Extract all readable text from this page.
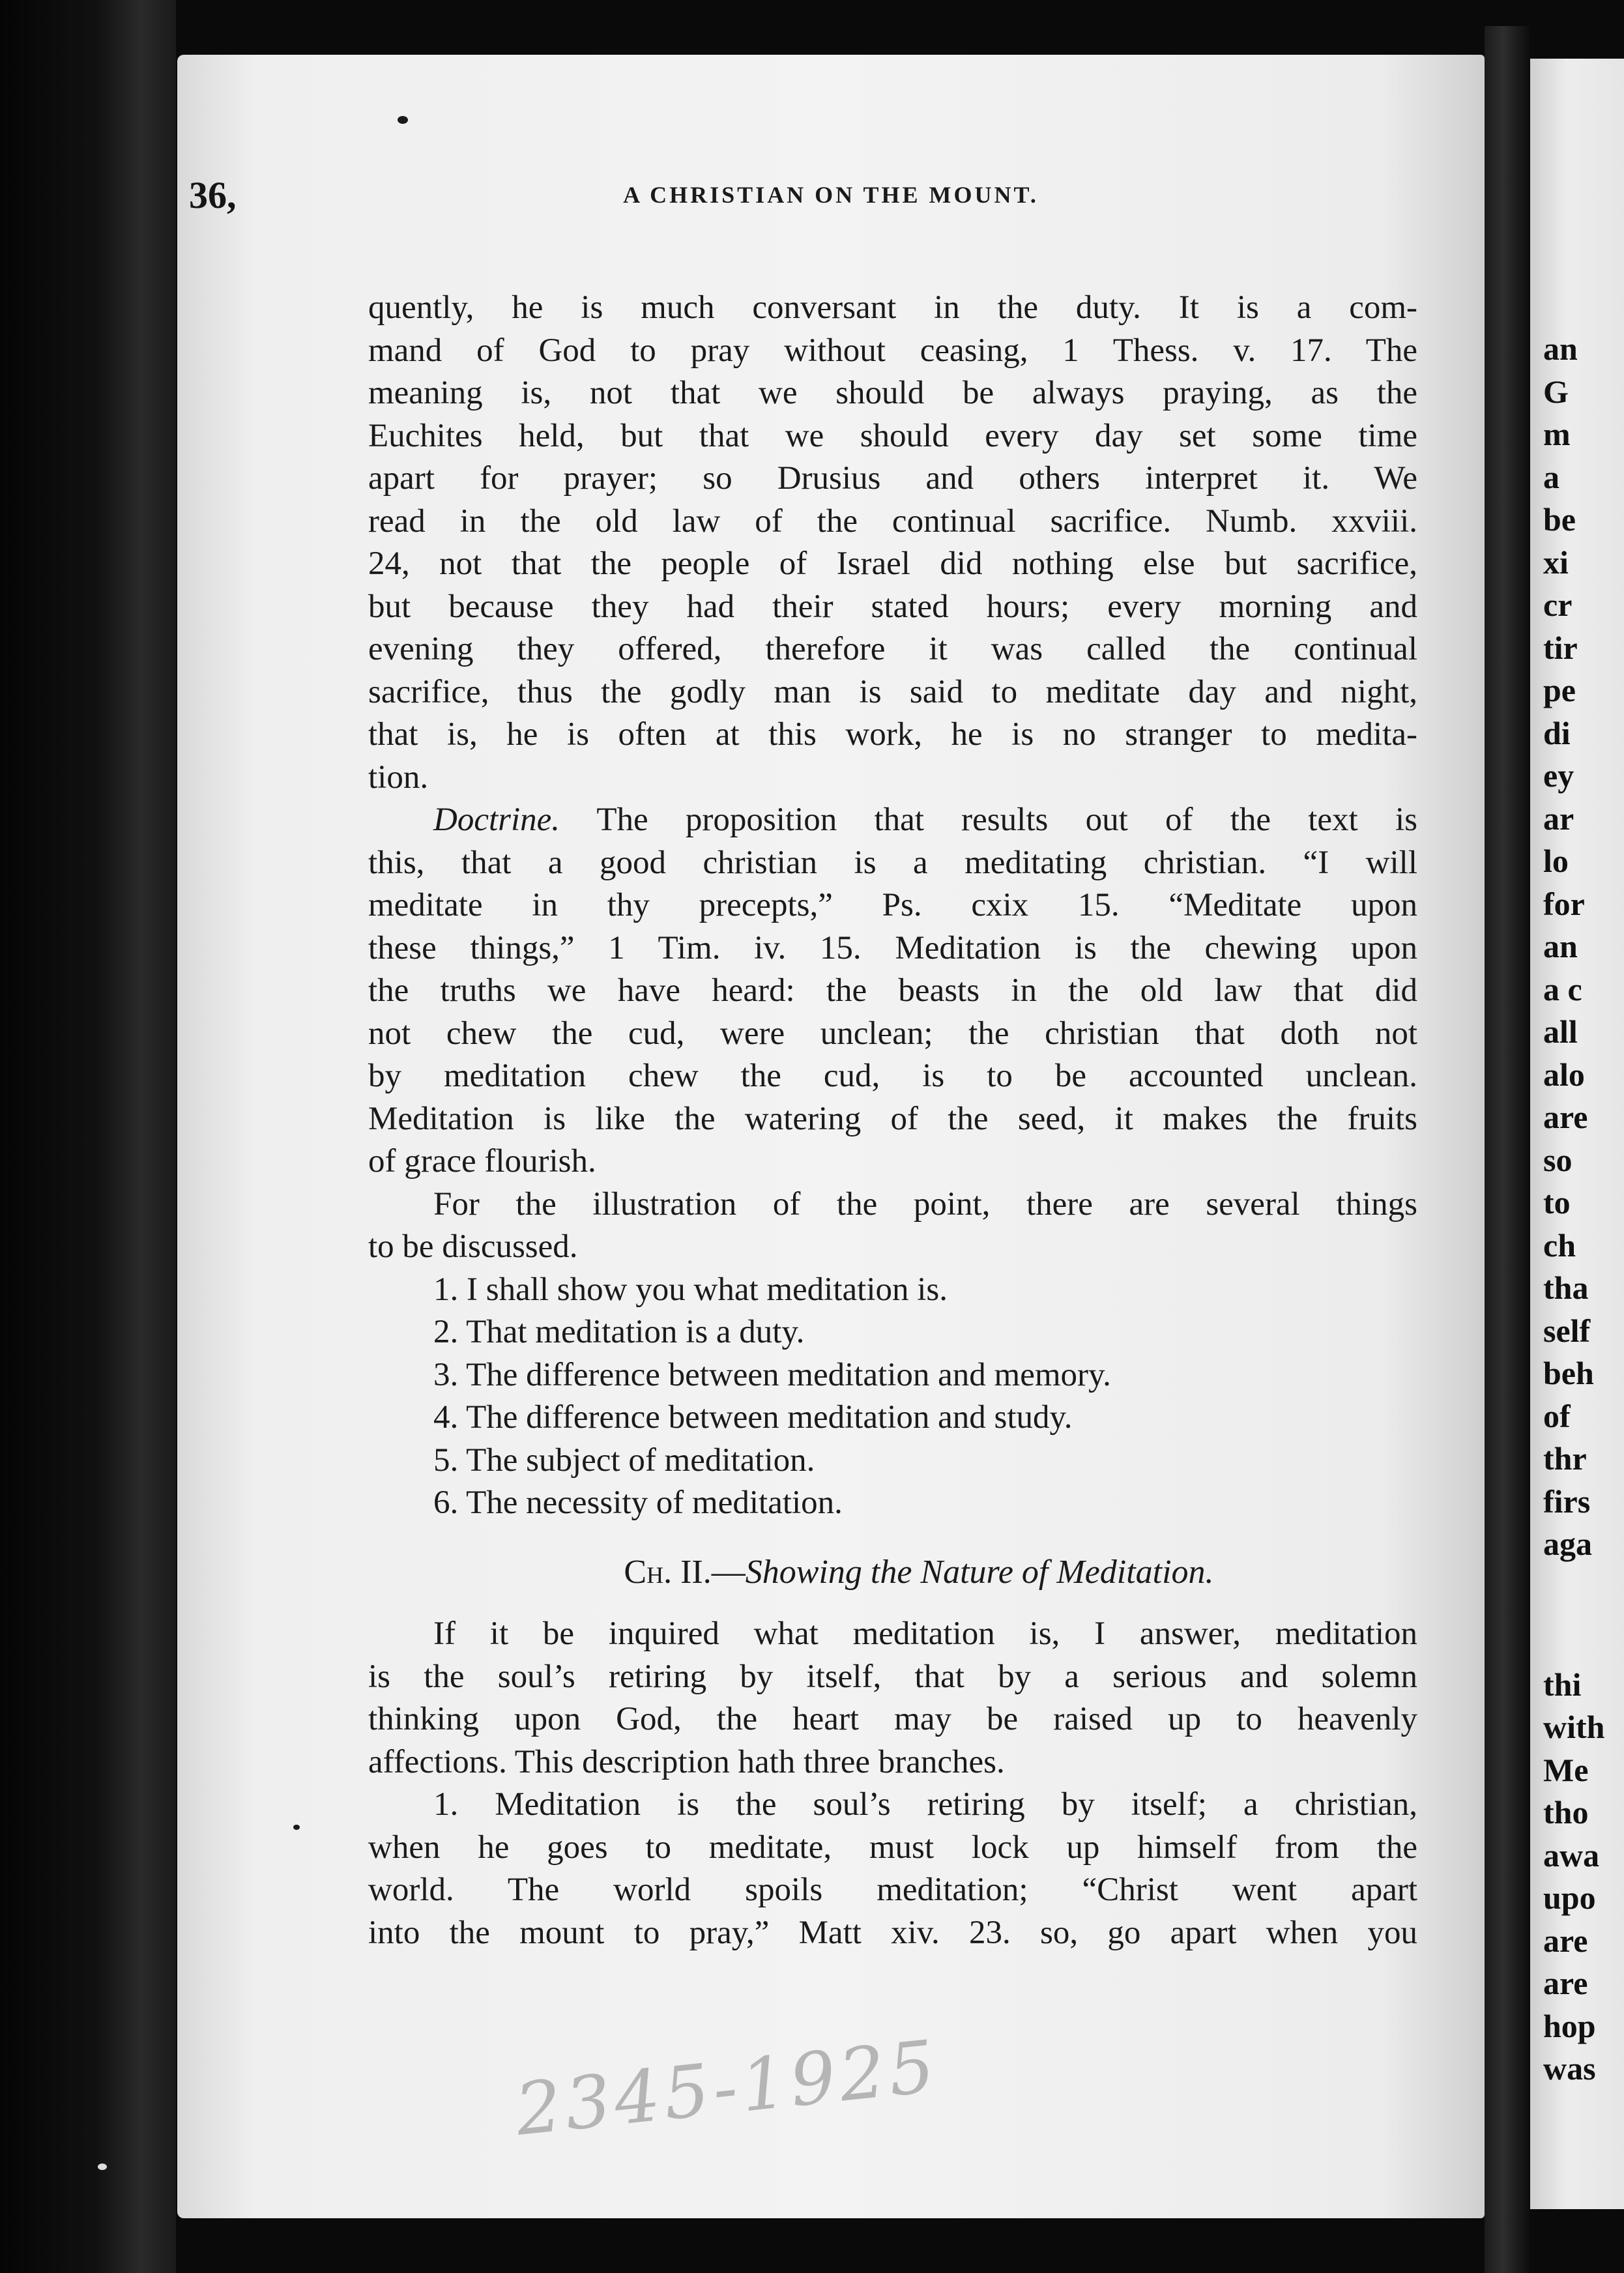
an
G
m
a
be
xi
cr
tir
pe
di
ey
ar
lo
for
an
a c
all
alo
are
so
to
ch
tha
self
beh
of
thr
firs
aga
thi
with
Me
tho
awa
upo
are
are
hop
was
36,	A CHRISTIAN ON THE MOUNT.
quently, he is much conversant in the duty. It is a com-
mand of God to pray without ceasing, 1 Thess. v. 17. The
meaning is, not that we should be always praying, as the
Euchites held, but that we should every day set some time
apart for prayer; so Drusius and others interpret it. We
read in the old law of the continual sacrifice. Numb. xxviii.
24, not that the people of Israel did nothing else but sacrifice,
but because they had their stated hours; every morning and
evening they offered, therefore it was called the continual
sacrifice, thus the godly man is said to meditate day and night,
that is, he is often at this work, he is no stranger to medita-
tion.
Doctrine. The proposition that results out of the text is
this, that a good christian is a meditating christian. “I will
meditate in thy precepts,” Ps. cxix 15. “Meditate upon
these things,” 1 Tim. iv. 15. Meditation is the chewing upon
the truths we have heard: the beasts in the old law that did
not chew the cud, were unclean; the christian that doth not
by meditation chew the cud, is to be accounted unclean.
Meditation is like the watering of the seed, it makes the fruits
of grace flourish.
For the illustration of the point, there are several things
to be discussed.
1. I shall show you what meditation is.
2. That meditation is a duty.
3. The difference between meditation and memory.
4. The difference between meditation and study.
5. The subject of meditation.
6. The necessity of meditation.
Ch. II.—Showing the Nature of Meditation.
If it be inquired what meditation is, I answer, meditation
is the soul’s retiring by itself, that by a serious and solemn
thinking upon God, the heart may be raised up to heavenly
affections. This description hath three branches.
1. Meditation is the soul’s retiring by itself; a christian,
when he goes to meditate, must lock up himself from the
world. The world spoils meditation; “Christ went apart
into the mount to pray,” Matt xiv. 23. so, go apart when you
2345-1925
